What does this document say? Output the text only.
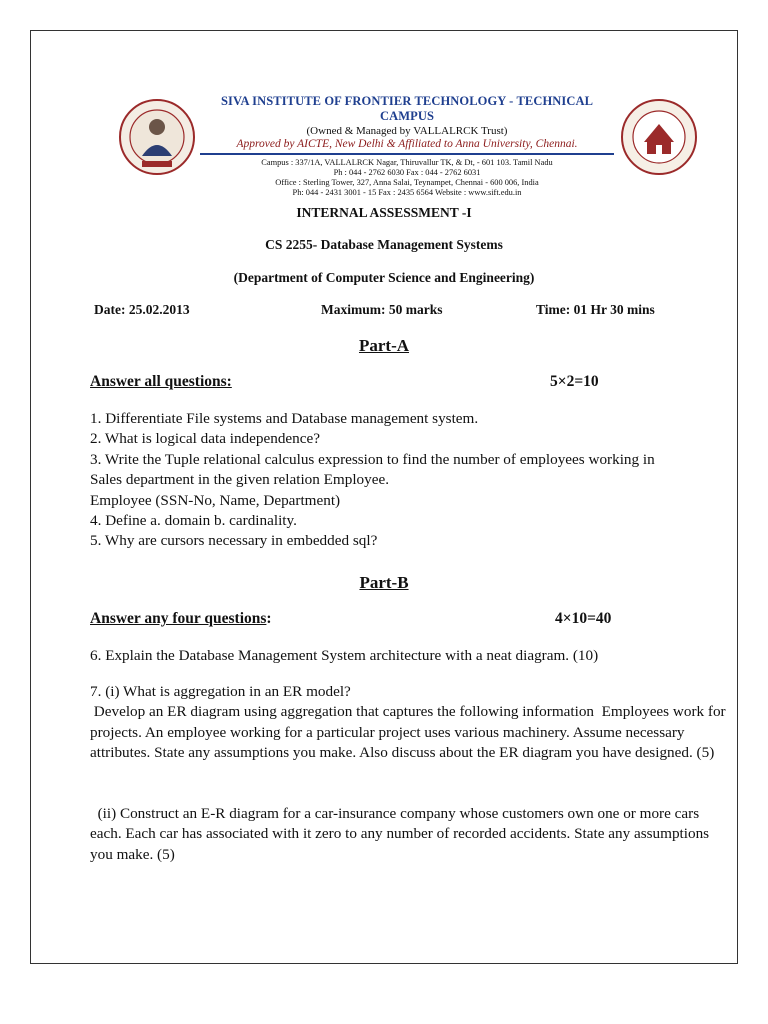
SIVA INSTITUTE OF FRONTIER TECHNOLOGY - TECHNICAL CAMPUS
(Owned & Managed by VALLALRCK Trust)
Approved by AICTE, New Delhi & Affiliated to Anna University, Chennai.
Campus : 337/1A, VALLALRCK Nagar, Thiruvallur TK, & Dt, - 601 103. Tamil Nadu
Ph : 044 - 2762 6030 Fax : 044 - 2762 6031
Office : Sterling Tower, 327, Anna Salai, Teynampet, Chennai - 600 006, India
Ph: 044 - 2431 3001 - 15 Fax : 2435 6564 Website : www.sift.edu.in
INTERNAL ASSESSMENT -I
CS 2255- Database Management Systems
(Department of Computer Science and Engineering)
Date: 25.02.2013	Maximum: 50 marks	Time: 01 Hr 30 mins
Part-A
Answer all questions:	5×2=10

1. Differentiate File systems and Database management system.

2. What is logical data independence?

3. Write the Tuple relational calculus expression to find the number of employees working in Sales department in the given relation Employee.

Employee (SSN-No, Name, Department)

4. Define a. domain b. cardinality.

5. Why are cursors necessary in embedded sql?

Part-B
Answer any four questions:	4×10=40
6. Explain the Database Management System architecture with a neat diagram. (10)

7. (i) What is aggregation in an ER model?

Develop an ER diagram using aggregation that captures the following information  Employees work for projects. An employee working for a particular project uses various machinery. Assume necessary attributes. State any assumptions you make. Also discuss about the ER diagram you have designed. (5)

(ii) Construct an E-R diagram for a car-insurance company whose customers own one or more cars each. Each car has associated with it zero to any number of recorded accidents. State any assumptions you make. (5)
